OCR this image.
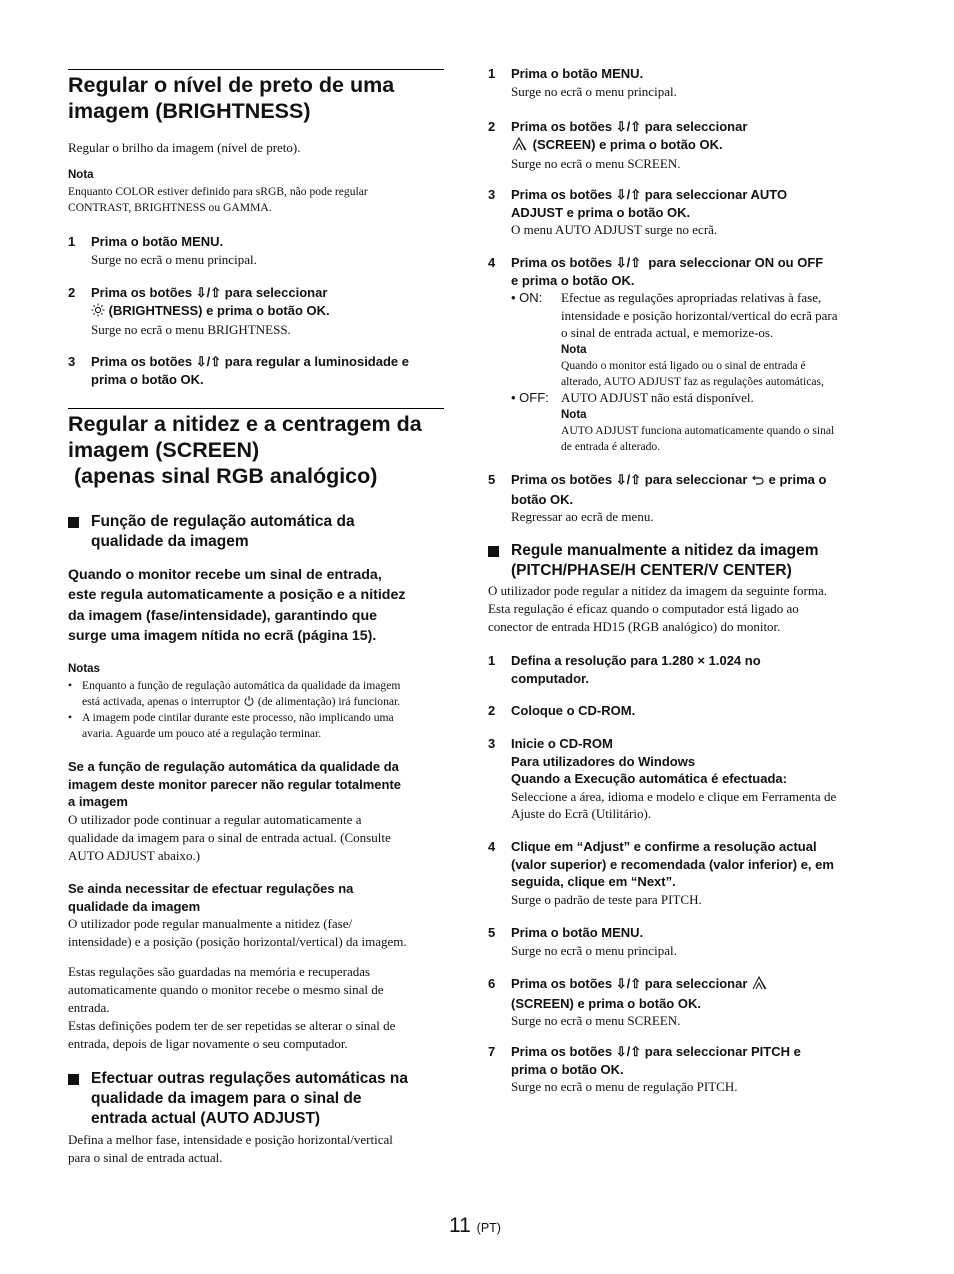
Regular o nível de preto de uma
imagem (BRIGHTNESS)

Regular o brilho da imagem (nível de preto).

Nota
Enquanto COLOR estiver definido para sRGB, não pode regular
CONTRAST, BRIGHTNESS ou GAMMA.
1 Prima o botão MENU.
Surge no ecrã o menu principal.
2 Prima os botões ⇩/⇧ para seleccionar
(BRIGHTNESS) e prima o botão OK.
Surge no ecrã o menu BRIGHTNESS.
3 Prima os botões ⇩/⇧ para regular a luminosidade e
prima o botão OK.
Regular a nitidez e a centragem da
imagem (SCREEN)
(apenas sinal RGB analógico)
Função de regulação automática da
qualidade da imagem
Quando o monitor recebe um sinal de entrada,
este regula automaticamente a posição e a nitidez
da imagem (fase/intensidade), garantindo que
surge uma imagem nítida no ecrã (página 15).
Notas
• Enquanto a função de regulação automática da qualidade da imagem
está activada, apenas o interruptor (de alimentação) irá funcionar.
• A imagem pode cintilar durante este processo, não implicando uma
avaria. Aguarde um pouco até a regulação terminar.
Se a função de regulação automática da qualidade da
imagem deste monitor parecer não regular totalmente
a imagem
O utilizador pode continuar a regular automaticamente a
qualidade da imagem para o sinal de entrada actual. (Consulte
AUTO ADJUST abaixo.)
Se ainda necessitar de efectuar regulações na
qualidade da imagem
O utilizador pode regular manualmente a nitidez (fase/
intensidade) e a posição (posição horizontal/vertical) da imagem.
Estas regulações são guardadas na memória e recuperadas
automaticamente quando o monitor recebe o mesmo sinal de
entrada.
Estas definições podem ter de ser repetidas se alterar o sinal de
entrada, depois de ligar novamente o seu computador.
Efectuar outras regulações automáticas na
qualidade da imagem para o sinal de
entrada actual (AUTO ADJUST)
Defina a melhor fase, intensidade e posição horizontal/vertical
para o sinal de entrada actual.
1 Prima o botão MENU.
Surge no ecrã o menu principal.
2 Prima os botões ⇩/⇧ para seleccionar
(SCREEN) e prima o botão OK.
Surge no ecrã o menu SCREEN.
3 Prima os botões ⇩/⇧ para seleccionar AUTO
ADJUST e prima o botão OK.
O menu AUTO ADJUST surge no ecrã.
4 Prima os botões ⇩/⇧  para seleccionar ON ou OFF
e prima o botão OK.
• ON: Efectue as regulações apropriadas relativas à fase,
intensidade e posição horizontal/vertical do ecrã para
o sinal de entrada actual, e memorize-os.
Nota
Quando o monitor está ligado ou o sinal de entrada é
alterado, AUTO ADJUST faz as regulações automáticas,
• OFF: AUTO ADJUST não está disponível.
Nota
AUTO ADJUST funciona automaticamente quando o sinal
de entrada é alterado.
5 Prima os botões ⇩/⇧ para seleccionar e prima o
botão OK.
Regressar ao ecrã de menu.
Regule manualmente a nitidez da imagem
(PITCH/PHASE/H CENTER/V CENTER)
O utilizador pode regular a nitidez da imagem da seguinte forma.
Esta regulação é eficaz quando o computador está ligado ao
conector de entrada HD15 (RGB analógico) do monitor.
1 Defina a resolução para 1.280 × 1.024 no
computador.
2 Coloque o CD-ROM.
3 Inicie o CD-ROM
Para utilizadores do Windows
Quando a Execução automática é efectuada:
Seleccione a área, idioma e modelo e clique em Ferramenta de
Ajuste do Ecrã (Utilitário).
4 Clique em “Adjust” e confirme a resolução actual
(valor superior) e recomendada (valor inferior) e, em
seguida, clique em “Next”.
Surge o padrão de teste para PITCH.
5 Prima o botão MENU.
Surge no ecrã o menu principal.
6 Prima os botões ⇩/⇧ para seleccionar
(SCREEN) e prima o botão OK.
Surge no ecrã o menu SCREEN.
7 Prima os botões ⇩/⇧ para seleccionar PITCH e
prima o botão OK.
Surge no ecrã o menu de regulação PITCH.
11 (PT)
